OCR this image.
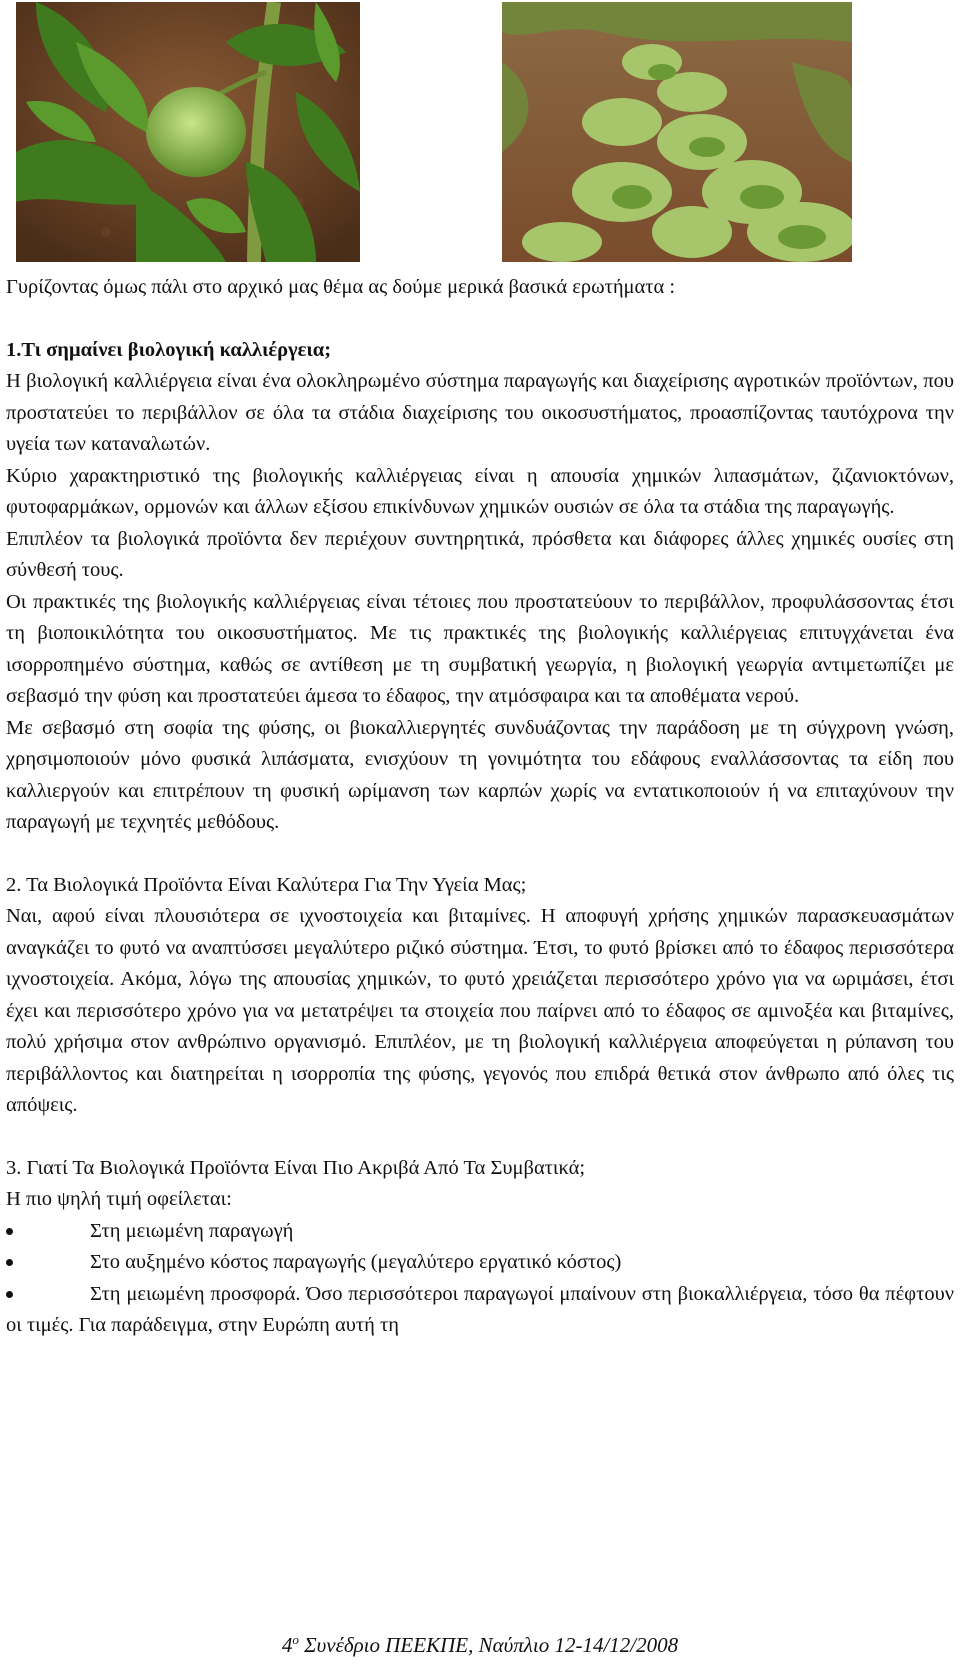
Γυρίζοντας όμως πάλι στο αρχικό μας θέμα ας δούμε μερικά βασικά ερωτήματα :

1.Τι σημαίνει βιολογική καλλιέργεια;

Η βιολογική καλλιέργεια είναι ένα ολοκληρωμένο σύστημα παραγωγής και διαχείρισης αγροτικών προϊόντων, που προστατεύει το περιβάλλον σε όλα τα στάδια διαχείρισης του οικοσυστήματος, προασπίζοντας ταυτόχρονα την υγεία των καταναλωτών.

Κύριο χαρακτηριστικό της βιολογικής καλλιέργειας είναι η απουσία χημικών λιπασμάτων, ζιζανιοκτόνων, φυτοφαρμάκων, ορμονών και άλλων εξίσου επικίνδυνων χημικών ουσιών σε όλα τα στάδια της παραγωγής.

Επιπλέον τα βιολογικά προϊόντα δεν περιέχουν συντηρητικά, πρόσθετα και διάφορες άλλες χημικές ουσίες στη σύνθεσή τους.

Οι πρακτικές της βιολογικής καλλιέργειας είναι τέτοιες που προστατεύουν το περιβάλλον, προφυλάσσοντας έτσι τη βιοποικιλότητα του οικοσυστήματος. Με τις πρακτικές της βιολογικής καλλιέργειας επιτυγχάνεται ένα ισορροπημένο σύστημα, καθώς σε αντίθεση με τη συμβατική γεωργία, η βιολογική γεωργία αντιμετωπίζει με σεβασμό την φύση και προστατεύει άμεσα το έδαφος, την ατμόσφαιρα και τα αποθέματα νερού.

Με σεβασμό στη σοφία της φύσης, οι βιοκαλλιεργητές συνδυάζοντας την παράδοση με τη σύγχρονη γνώση, χρησιμοποιούν μόνο φυσικά λιπάσματα, ενισχύουν τη γονιμότητα του εδάφους εναλλάσσοντας τα είδη που καλλιεργούν και επιτρέπουν τη φυσική ωρίμανση των καρπών χωρίς να εντατικοποιούν ή να επιταχύνουν την παραγωγή με τεχνητές μεθόδους.

2. Τα Βιολογικά Προϊόντα Είναι Καλύτερα Για Την Υγεία Μας;

Ναι, αφού είναι πλουσιότερα σε ιχνοστοιχεία και βιταμίνες. Η αποφυγή χρήσης χημικών παρασκευασμάτων αναγκάζει το φυτό να αναπτύσσει μεγαλύτερο ριζικό σύστημα. Έτσι, το φυτό βρίσκει από το έδαφος περισσότερα ιχνοστοιχεία. Ακόμα, λόγω της απουσίας χημικών, το φυτό χρειάζεται περισσότερο χρόνο για να ωριμάσει, έτσι έχει και περισσότερο χρόνο για να μετατρέψει τα στοιχεία που παίρνει από το έδαφος σε αμινοξέα και βιταμίνες, πολύ χρήσιμα στον ανθρώπινο οργανισμό. Επιπλέον, με τη βιολογική καλλιέργεια αποφεύγεται η ρύπανση του περιβάλλοντος και διατηρείται η ισορροπία της φύσης, γεγονός που επιδρά θετικά στον άνθρωπο από όλες τις απόψεις.

3. Γιατί Τα Βιολογικά Προϊόντα Είναι Πιο Ακριβά Από Τα Συμβατικά;

Η πιο ψηλή τιμή οφείλεται:

Στη μειωμένη παραγωγή
Στο αυξημένο κόστος παραγωγής (μεγαλύτερο εργατικό κόστος)
Στη μειωμένη προσφορά. Όσο περισσότεροι παραγωγοί μπαίνουν στη βιοκαλλιέργεια, τόσο θα πέφτουν οι τιμές. Για παράδειγμα, στην Ευρώπη αυτή τη
$4^o$ Συνέδριο ΠΕΕΚΠΕ, Ναύπλιο 12-14/12/2008
